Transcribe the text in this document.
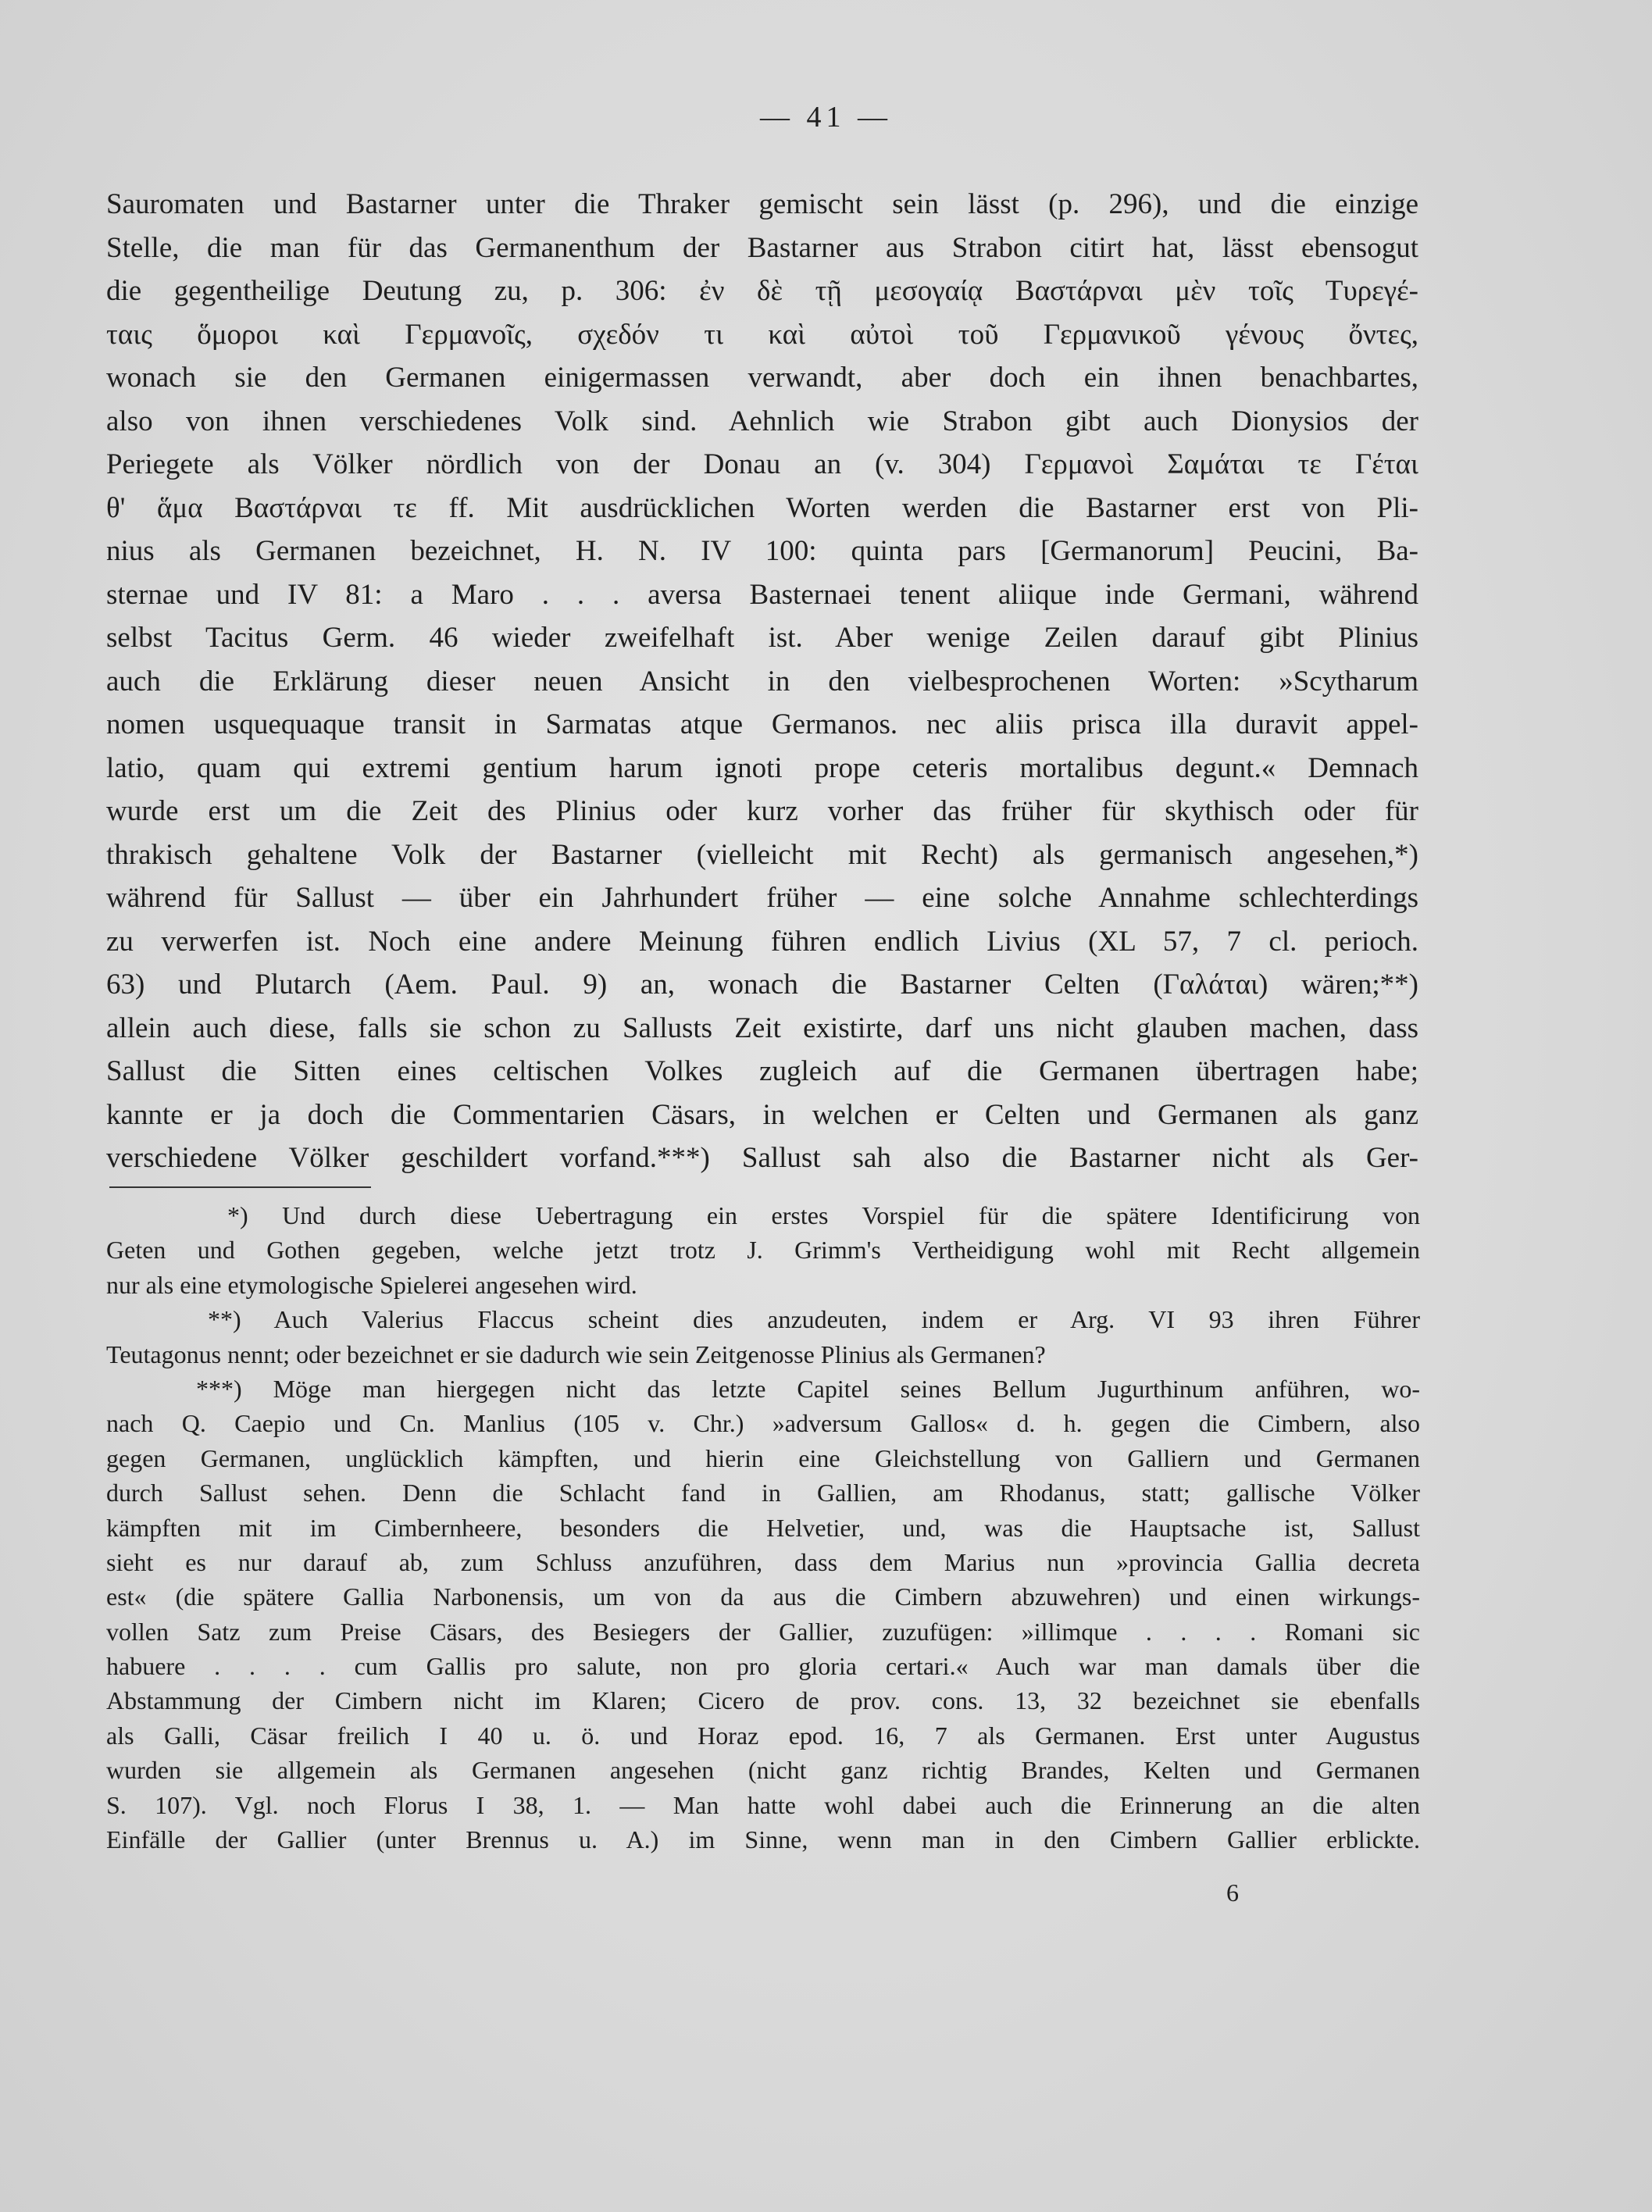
— 41 —
Sauromaten und Bastarner unter die Thraker gemischt sein lässt (p. 296), und die einzige
Stelle, die man für das Germanenthum der Bastarner aus Strabon citirt hat, lässt ebensogut
die gegentheilige Deutung zu, p. 306: ἐν δὲ τῇ μεσογαίᾳ Βαστάρναι μὲν τοῖς Τυρεγέ-
ταις ὅμοροι καὶ Γερμανοῖς, σχεδόν τι καὶ αὐτοὶ τοῦ Γερμανικοῦ γένους ὄντες,
wonach sie den Germanen einigermassen verwandt, aber doch ein ihnen benachbartes,
also von ihnen verschiedenes Volk sind. Aehnlich wie Strabon gibt auch Dionysios der
Periegete als Völker nördlich von der Donau an (v. 304) Γερμανοὶ Σαμάται τε Γέται
θ' ἅμα Βαστάρναι τε ff. Mit ausdrücklichen Worten werden die Bastarner erst von Pli-
nius als Germanen bezeichnet, H. N. IV 100: quinta pars [Germanorum] Peucini, Ba-
sternae und IV 81: a Maro . . . aversa Basternaei tenent aliique inde Germani, während
selbst Tacitus Germ. 46 wieder zweifelhaft ist. Aber wenige Zeilen darauf gibt Plinius
auch die Erklärung dieser neuen Ansicht in den vielbesprochenen Worten: »Scytharum
nomen usquequaque transit in Sarmatas atque Germanos. nec aliis prisca illa duravit appel-
latio, quam qui extremi gentium harum ignoti prope ceteris mortalibus degunt.« Demnach
wurde erst um die Zeit des Plinius oder kurz vorher das früher für skythisch oder für
thrakisch gehaltene Volk der Bastarner (vielleicht mit Recht) als germanisch angesehen,*)
während für Sallust — über ein Jahrhundert früher — eine solche Annahme schlechterdings
zu verwerfen ist. Noch eine andere Meinung führen endlich Livius (XL 57, 7 cl. perioch.
63) und Plutarch (Aem. Paul. 9) an, wonach die Bastarner Celten (Γαλάται) wären;**)
allein auch diese, falls sie schon zu Sallusts Zeit existirte, darf uns nicht glauben machen, dass
Sallust die Sitten eines celtischen Volkes zugleich auf die Germanen übertragen habe;
kannte er ja doch die Commentarien Cäsars, in welchen er Celten und Germanen als ganz
verschiedene Völker geschildert vorfand.***) Sallust sah also die Bastarner nicht als Ger-
*) Und durch diese Uebertragung ein erstes Vorspiel für die spätere Identificirung von
Geten und Gothen gegeben, welche jetzt trotz J. Grimm's Vertheidigung wohl mit Recht allgemein
nur als eine etymologische Spielerei angesehen wird.
**) Auch Valerius Flaccus scheint dies anzudeuten, indem er Arg. VI 93 ihren Führer
Teutagonus nennt; oder bezeichnet er sie dadurch wie sein Zeitgenosse Plinius als Germanen?
***) Möge man hiergegen nicht das letzte Capitel seines Bellum Jugurthinum anführen, wo-
nach Q. Caepio und Cn. Manlius (105 v. Chr.) »adversum Gallos« d. h. gegen die Cimbern, also
gegen Germanen, unglücklich kämpften, und hierin eine Gleichstellung von Galliern und Germanen
durch Sallust sehen. Denn die Schlacht fand in Gallien, am Rhodanus, statt; gallische Völker
kämpften mit im Cimbernheere, besonders die Helvetier, und, was die Hauptsache ist, Sallust
sieht es nur darauf ab, zum Schluss anzuführen, dass dem Marius nun »provincia Gallia decreta
est« (die spätere Gallia Narbonensis, um von da aus die Cimbern abzuwehren) und einen wirkungs-
vollen Satz zum Preise Cäsars, des Besiegers der Gallier, zuzufügen: »illimque . . . . Romani sic
habuere . . . . cum Gallis pro salute, non pro gloria certari.« Auch war man damals über die
Abstammung der Cimbern nicht im Klaren; Cicero de prov. cons. 13, 32 bezeichnet sie ebenfalls
als Galli, Cäsar freilich I 40 u. ö. und Horaz epod. 16, 7 als Germanen. Erst unter Augustus
wurden sie allgemein als Germanen angesehen (nicht ganz richtig Brandes, Kelten und Germanen
S. 107). Vgl. noch Florus I 38, 1. — Man hatte wohl dabei auch die Erinnerung an die alten
Einfälle der Gallier (unter Brennus u. A.) im Sinne, wenn man in den Cimbern Gallier erblickte.
6
